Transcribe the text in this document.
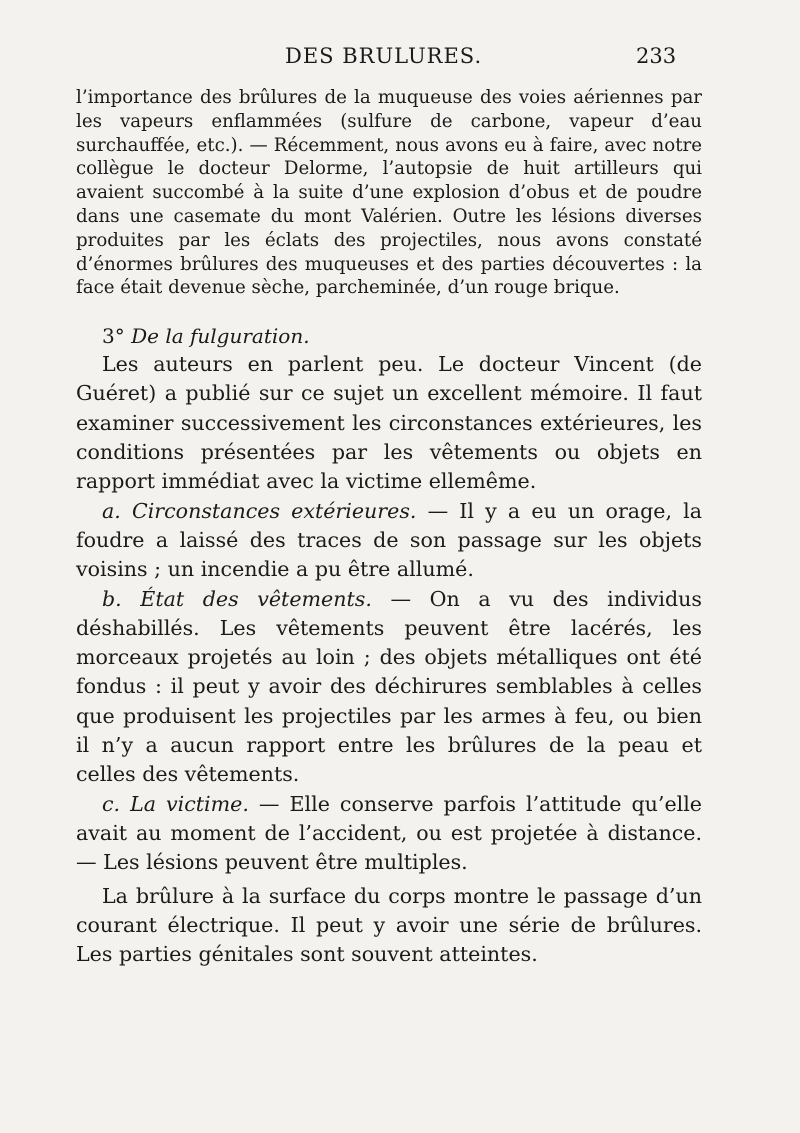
DES BRULURES.	233

l’importance des brûlures de la muqueuse des voies aériennes par les vapeurs enflammées (sulfure de carbone, vapeur d’eau surchauffée, etc.). — Récemment, nous avons eu à faire, avec notre collègue le docteur Delorme, l’autopsie de huit artilleurs qui avaient succombé à la suite d’une explosion d’obus et de poudre dans une casemate du mont Valérien. Outre les lésions diverses produites par les éclats des projectiles, nous avons constaté d’énormes brûlures des muqueuses et des parties découvertes : la face était devenue sèche, parcheminée, d’un rouge brique.

3° De la fulguration.

Les auteurs en parlent peu. Le docteur Vincent (de Guéret) a publié sur ce sujet un excellent mémoire. Il faut examiner successivement les circonstances extérieures, les conditions présentées par les vêtements ou objets en rapport immédiat avec la victime ellemême.

a. Circonstances extérieures. — Il y a eu un orage, la foudre a laissé des traces de son passage sur les objets voisins ; un incendie a pu être allumé.

b. État des vêtements. — On a vu des individus déshabillés. Les vêtements peuvent être lacérés, les morceaux projetés au loin ; des objets métalliques ont été fondus : il peut y avoir des déchirures semblables à celles que produisent les projectiles par les armes à feu, ou bien il n’y a aucun rapport entre les brûlures de la peau et celles des vêtements.

c. La victime. — Elle conserve parfois l’attitude qu’elle avait au moment de l’accident, ou est projetée à distance. — Les lésions peuvent être multiples.

La brûlure à la surface du corps montre le passage d’un courant électrique. Il peut y avoir une série de brûlures. Les parties génitales sont souvent atteintes.
